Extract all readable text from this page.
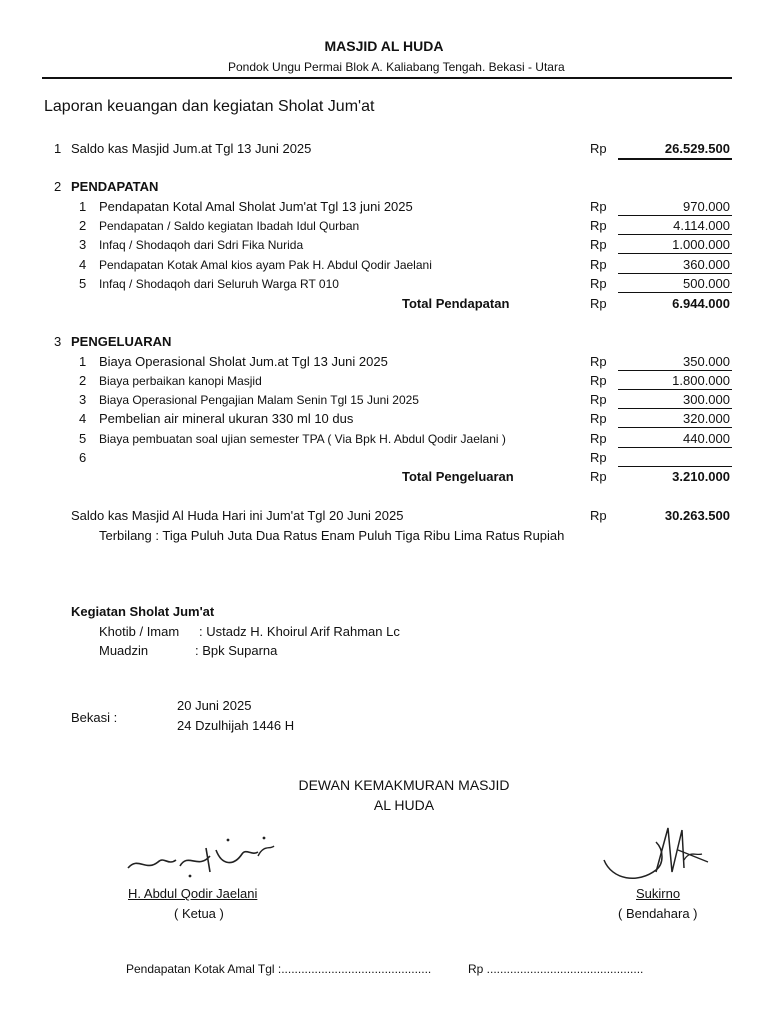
MASJID AL HUDA
Pondok Ungu Permai Blok A. Kaliabang Tengah. Bekasi - Utara
Laporan keuangan dan kegiatan Sholat Jum'at
1 Saldo kas Masjid Jum.at Tgl 13 Juni 2025	Rp	26.529.500
2 PENDAPATAN
1 Pendapatan Kotal Amal Sholat Jum'at Tgl 13 juni 2025	Rp	970.000
2 Pendapatan / Saldo kegiatan Ibadah Idul Qurban	Rp	4.114.000
3 Infaq / Shodaqoh dari Sdri Fika Nurida	Rp	1.000.000
4 Pendapatan Kotak Amal kios ayam Pak H. Abdul Qodir Jaelani	Rp	360.000
5 Infaq / Shodaqoh dari Seluruh Warga RT 010	Rp	500.000
Total Pendapatan	Rp	6.944.000
3 PENGELUARAN
1 Biaya Operasional Sholat Jum.at Tgl 13 Juni 2025	Rp	350.000
2 Biaya perbaikan kanopi Masjid	Rp	1.800.000
3 Biaya Operasional Pengajian Malam Senin Tgl 15 Juni 2025	Rp	300.000
4 Pembelian air mineral ukuran 330 ml 10 dus	Rp	320.000
5 Biaya pembuatan soal ujian semester TPA ( Via Bpk H. Abdul Qodir Jaelani )	Rp	440.000
6	Rp
Total Pengeluaran	Rp	3.210.000
Saldo kas Masjid Al Huda Hari ini Jum'at Tgl 20 Juni 2025	Rp	30.263.500
Terbilang : Tiga Puluh Juta Dua Ratus Enam Puluh Tiga Ribu Lima Ratus Rupiah
Kegiatan Sholat Jum'at
Khotib / Imam : Ustadz H. Khoirul Arif Rahman Lc
Muadzin	: Bpk Suparna
Bekasi :
20 Juni 2025
24 Dzulhijah 1446 H
DEWAN KEMAKMURAN MASJID
AL HUDA
H. Abdul Qodir Jaelani
( Ketua )
Sukirno
( Bendahara )
Pendapatan Kotak Amal Tgl :.............................................	Rp ...............................................
